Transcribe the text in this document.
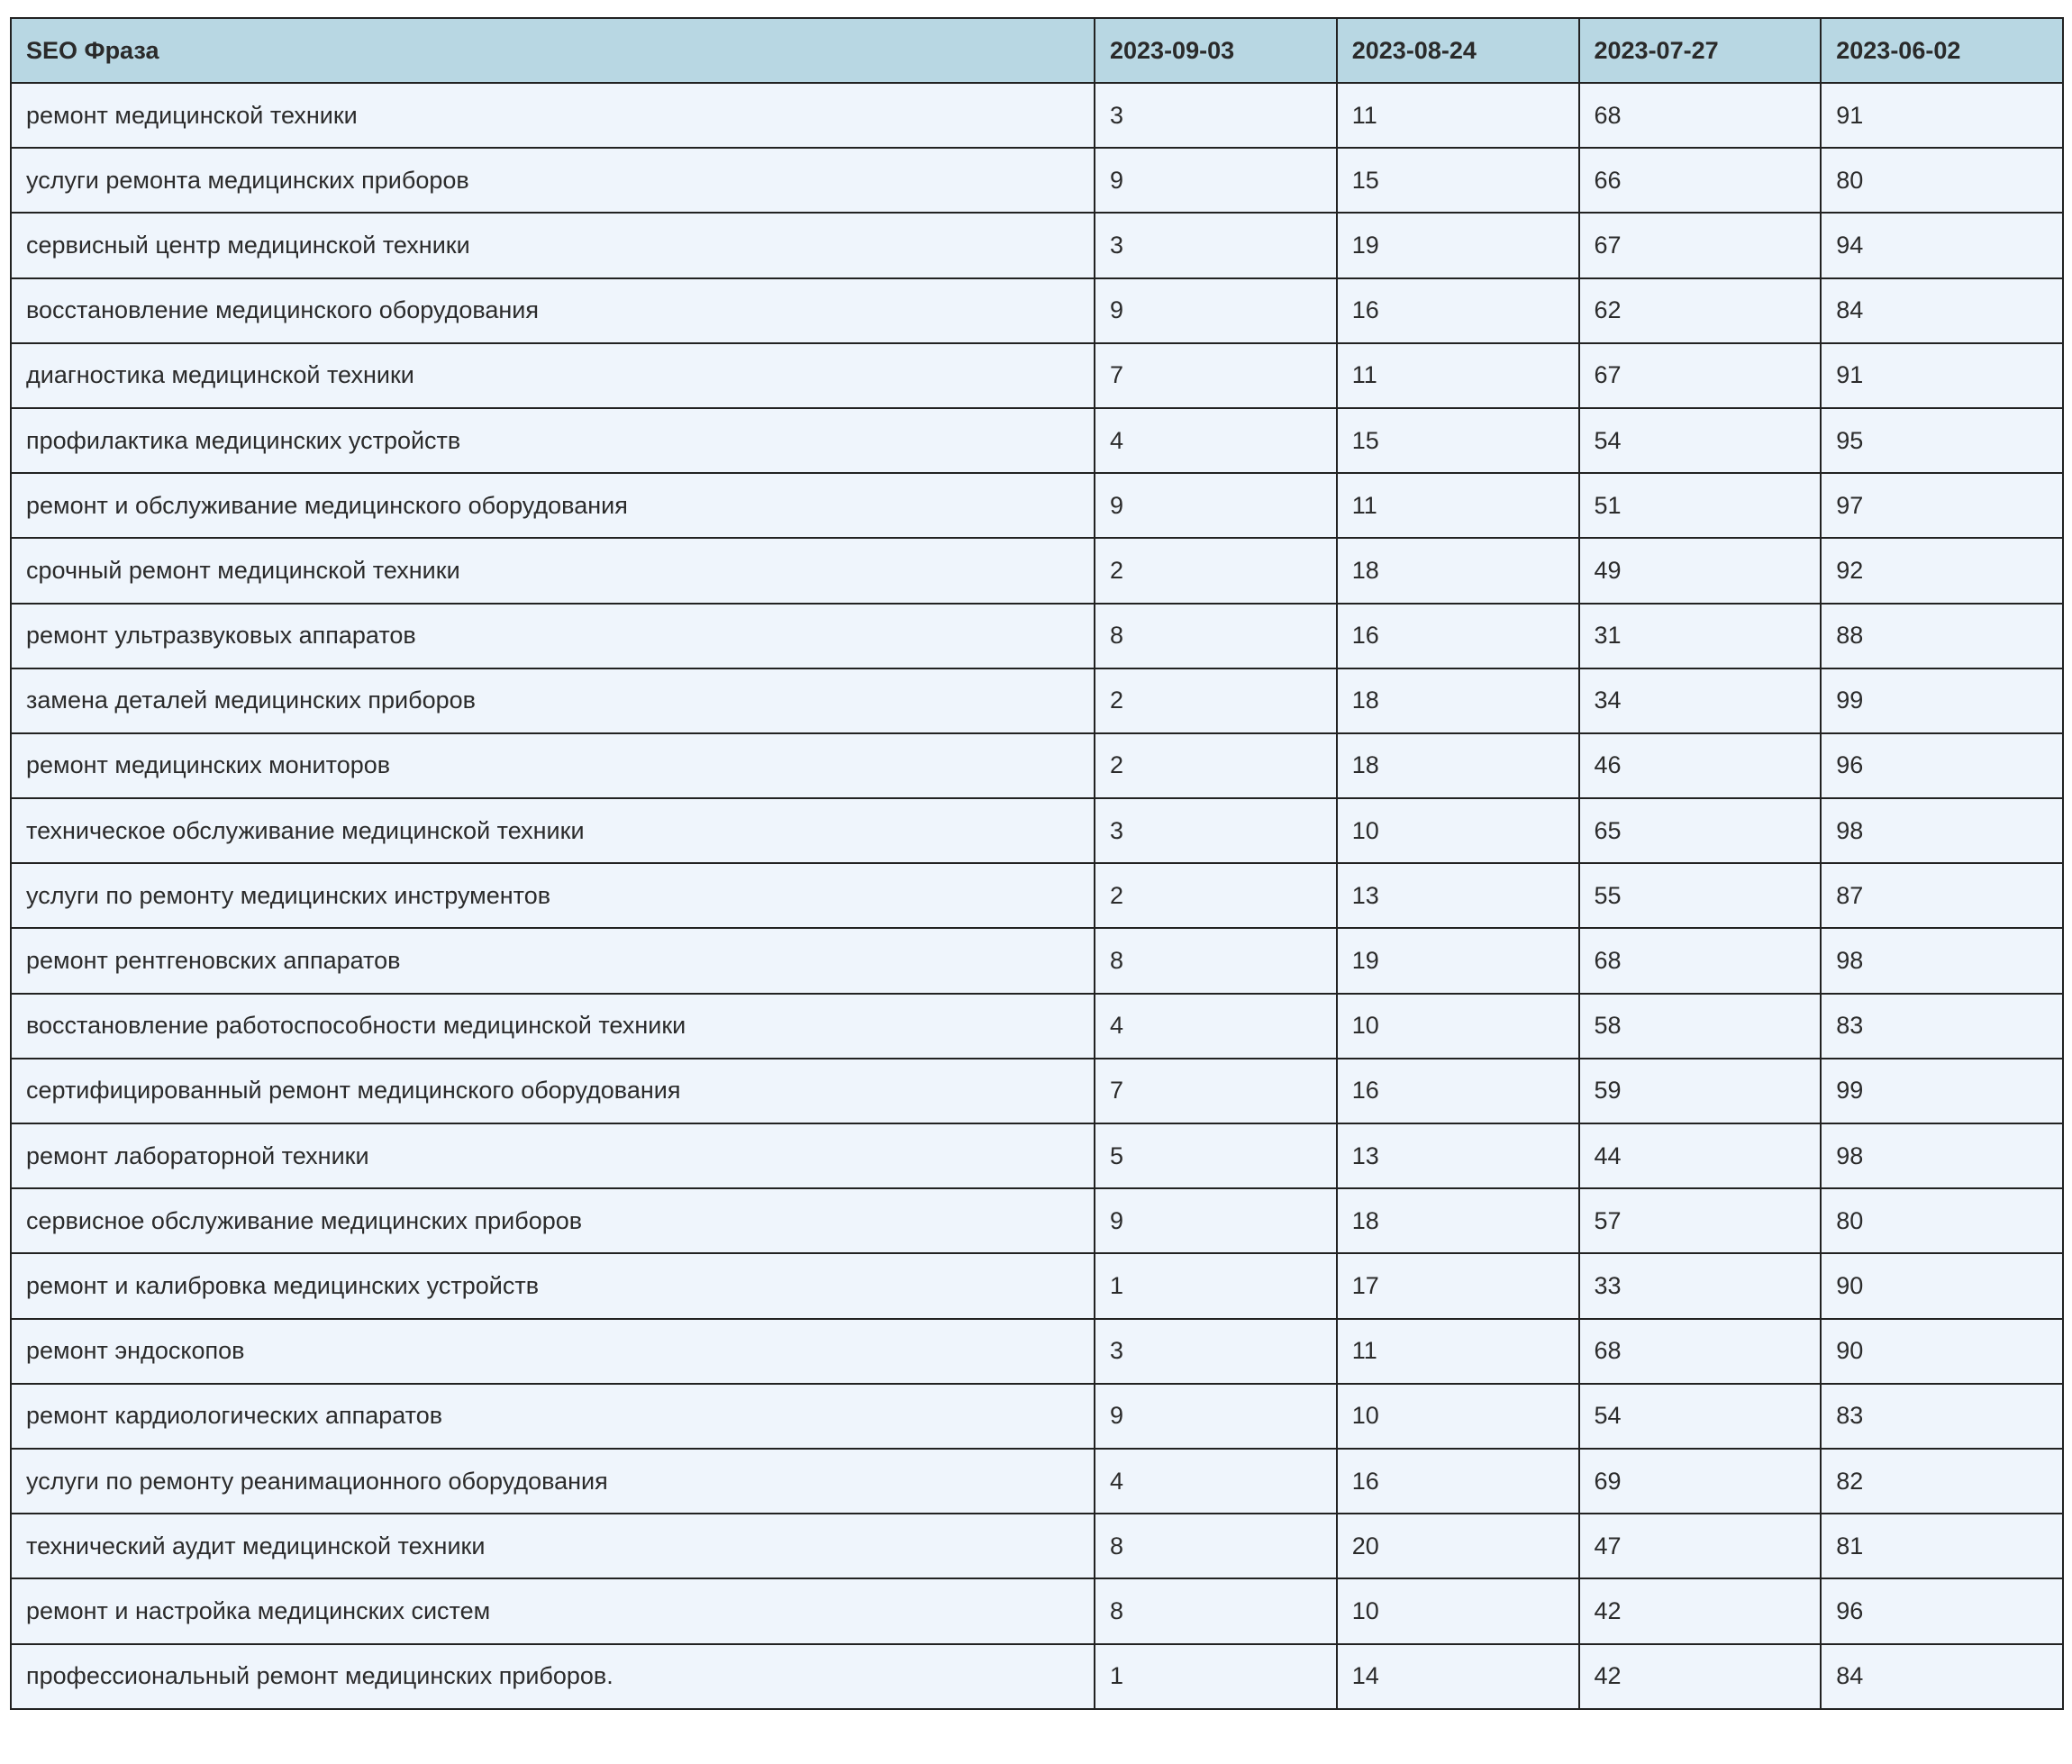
SEO Фраза	2023-09-03	2023-08-24	2023-07-27	2023-06-02
ремонт медицинской техники	3	11	68	91
услуги ремонта медицинских приборов	9	15	66	80
сервисный центр медицинской техники	3	19	67	94
восстановление медицинского оборудования	9	16	62	84
диагностика медицинской техники	7	11	67	91
профилактика медицинских устройств	4	15	54	95
ремонт и обслуживание медицинского оборудования	9	11	51	97
срочный ремонт медицинской техники	2	18	49	92
ремонт ультразвуковых аппаратов	8	16	31	88
замена деталей медицинских приборов	2	18	34	99
ремонт медицинских мониторов	2	18	46	96
техническое обслуживание медицинской техники	3	10	65	98
услуги по ремонту медицинских инструментов	2	13	55	87
ремонт рентгеновских аппаратов	8	19	68	98
восстановление работоспособности медицинской техники	4	10	58	83
сертифицированный ремонт медицинского оборудования	7	16	59	99
ремонт лабораторной техники	5	13	44	98
сервисное обслуживание медицинских приборов	9	18	57	80
ремонт и калибровка медицинских устройств	1	17	33	90
ремонт эндоскопов	3	11	68	90
ремонт кардиологических аппаратов	9	10	54	83
услуги по ремонту реанимационного оборудования	4	16	69	82
технический аудит медицинской техники	8	20	47	81
ремонт и настройка медицинских систем	8	10	42	96
профессиональный ремонт медицинских приборов.	1	14	42	84
